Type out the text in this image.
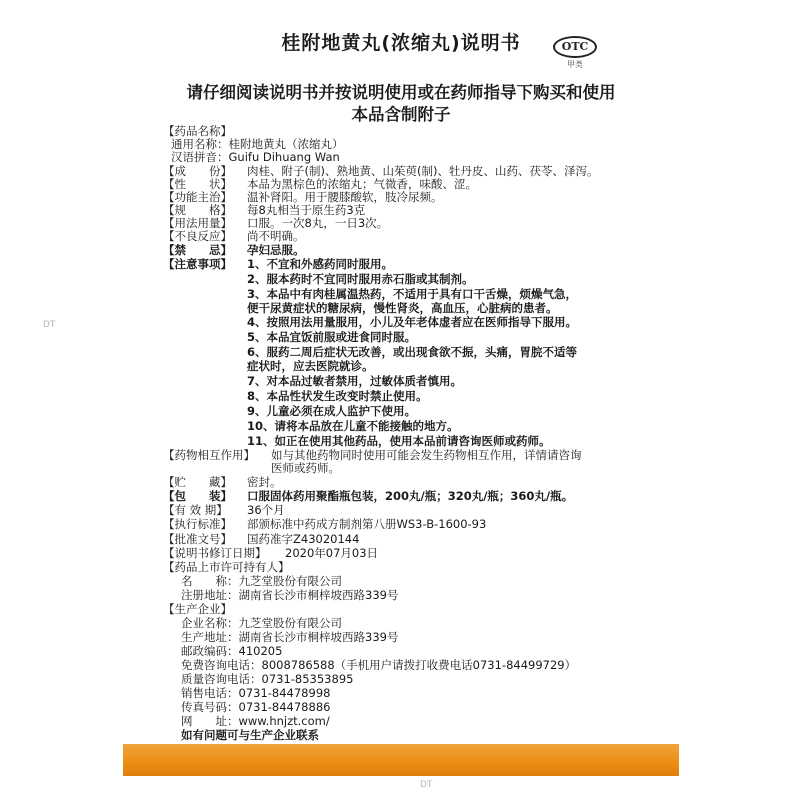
DT
DT
桂附地黄丸(浓缩丸)说明书	OTC
甲类
请仔细阅读说明书并按说明使用或在药师指导下购买和使用
本品含制附子
【药品名称】
通用名称：桂附地黄丸（浓缩丸）
汉语拼音：Guifu Dihuang Wan
【成　　份】 肉桂、附子(制)、熟地黄、山茱萸(制)、牡丹皮、山药、茯苓、泽泻。
【性　　状】 本品为黑棕色的浓缩丸；气微香，味酸、涩。
【功能主治】 温补肾阳。用于腰膝酸软，肢冷尿频。
【规　　格】 每8丸相当于原生药3克
【用法用量】 口服。一次8丸，一日3次。
【不良反应】 尚不明确。
【禁　　忌】 孕妇忌服。
【注意事项】 1、不宜和外感药同时服用。
2、服本药时不宜同时服用赤石脂或其制剂。
3、本品中有肉桂属温热药，不适用于具有口干舌燥，烦燥气急，
便干尿黄症状的糖尿病，慢性肾炎，高血压，心脏病的患者。
4、按照用法用量服用，小儿及年老体虚者应在医师指导下服用。
5、本品宜饭前服或进食同时服。
6、服药二周后症状无改善，或出现食欲不振，头痛，胃脘不适等
症状时，应去医院就诊。
7、对本品过敏者禁用，过敏体质者慎用。
8、本品性状发生改变时禁止使用。
9、儿童必须在成人监护下使用。
10、请将本品放在儿童不能接触的地方。
11、如正在使用其他药品，使用本品前请咨询医师或药师。
【药物相互作用】 如与其他药物同时使用可能会发生药物相互作用，详情请咨询
医师或药师。
【贮　　藏】 密封。
【包　　装】 口服固体药用聚酯瓶包装，200丸/瓶；320丸/瓶；360丸/瓶。
【有 效 期】 36个月
【执行标准】 部颁标准中药成方制剂第八册WS3-B-1600-93
【批准文号】 国药准字Z43020144
【说明书修订日期】 2020年07月03日
【药品上市许可持有人】
名　　称：九芝堂股份有限公司
注册地址：湖南省长沙市桐梓坡西路339号
【生产企业】
企业名称：九芝堂股份有限公司
生产地址：湖南省长沙市桐梓坡西路339号
邮政编码：410205
免费咨询电话：8008786588（手机用户请拨打收费电话0731-84499729）
质量咨询电话：0731-85353895
销售电话：0731-84478998
传真号码：0731-84478886
网　　址：www.hnjzt.com/
如有问题可与生产企业联系
